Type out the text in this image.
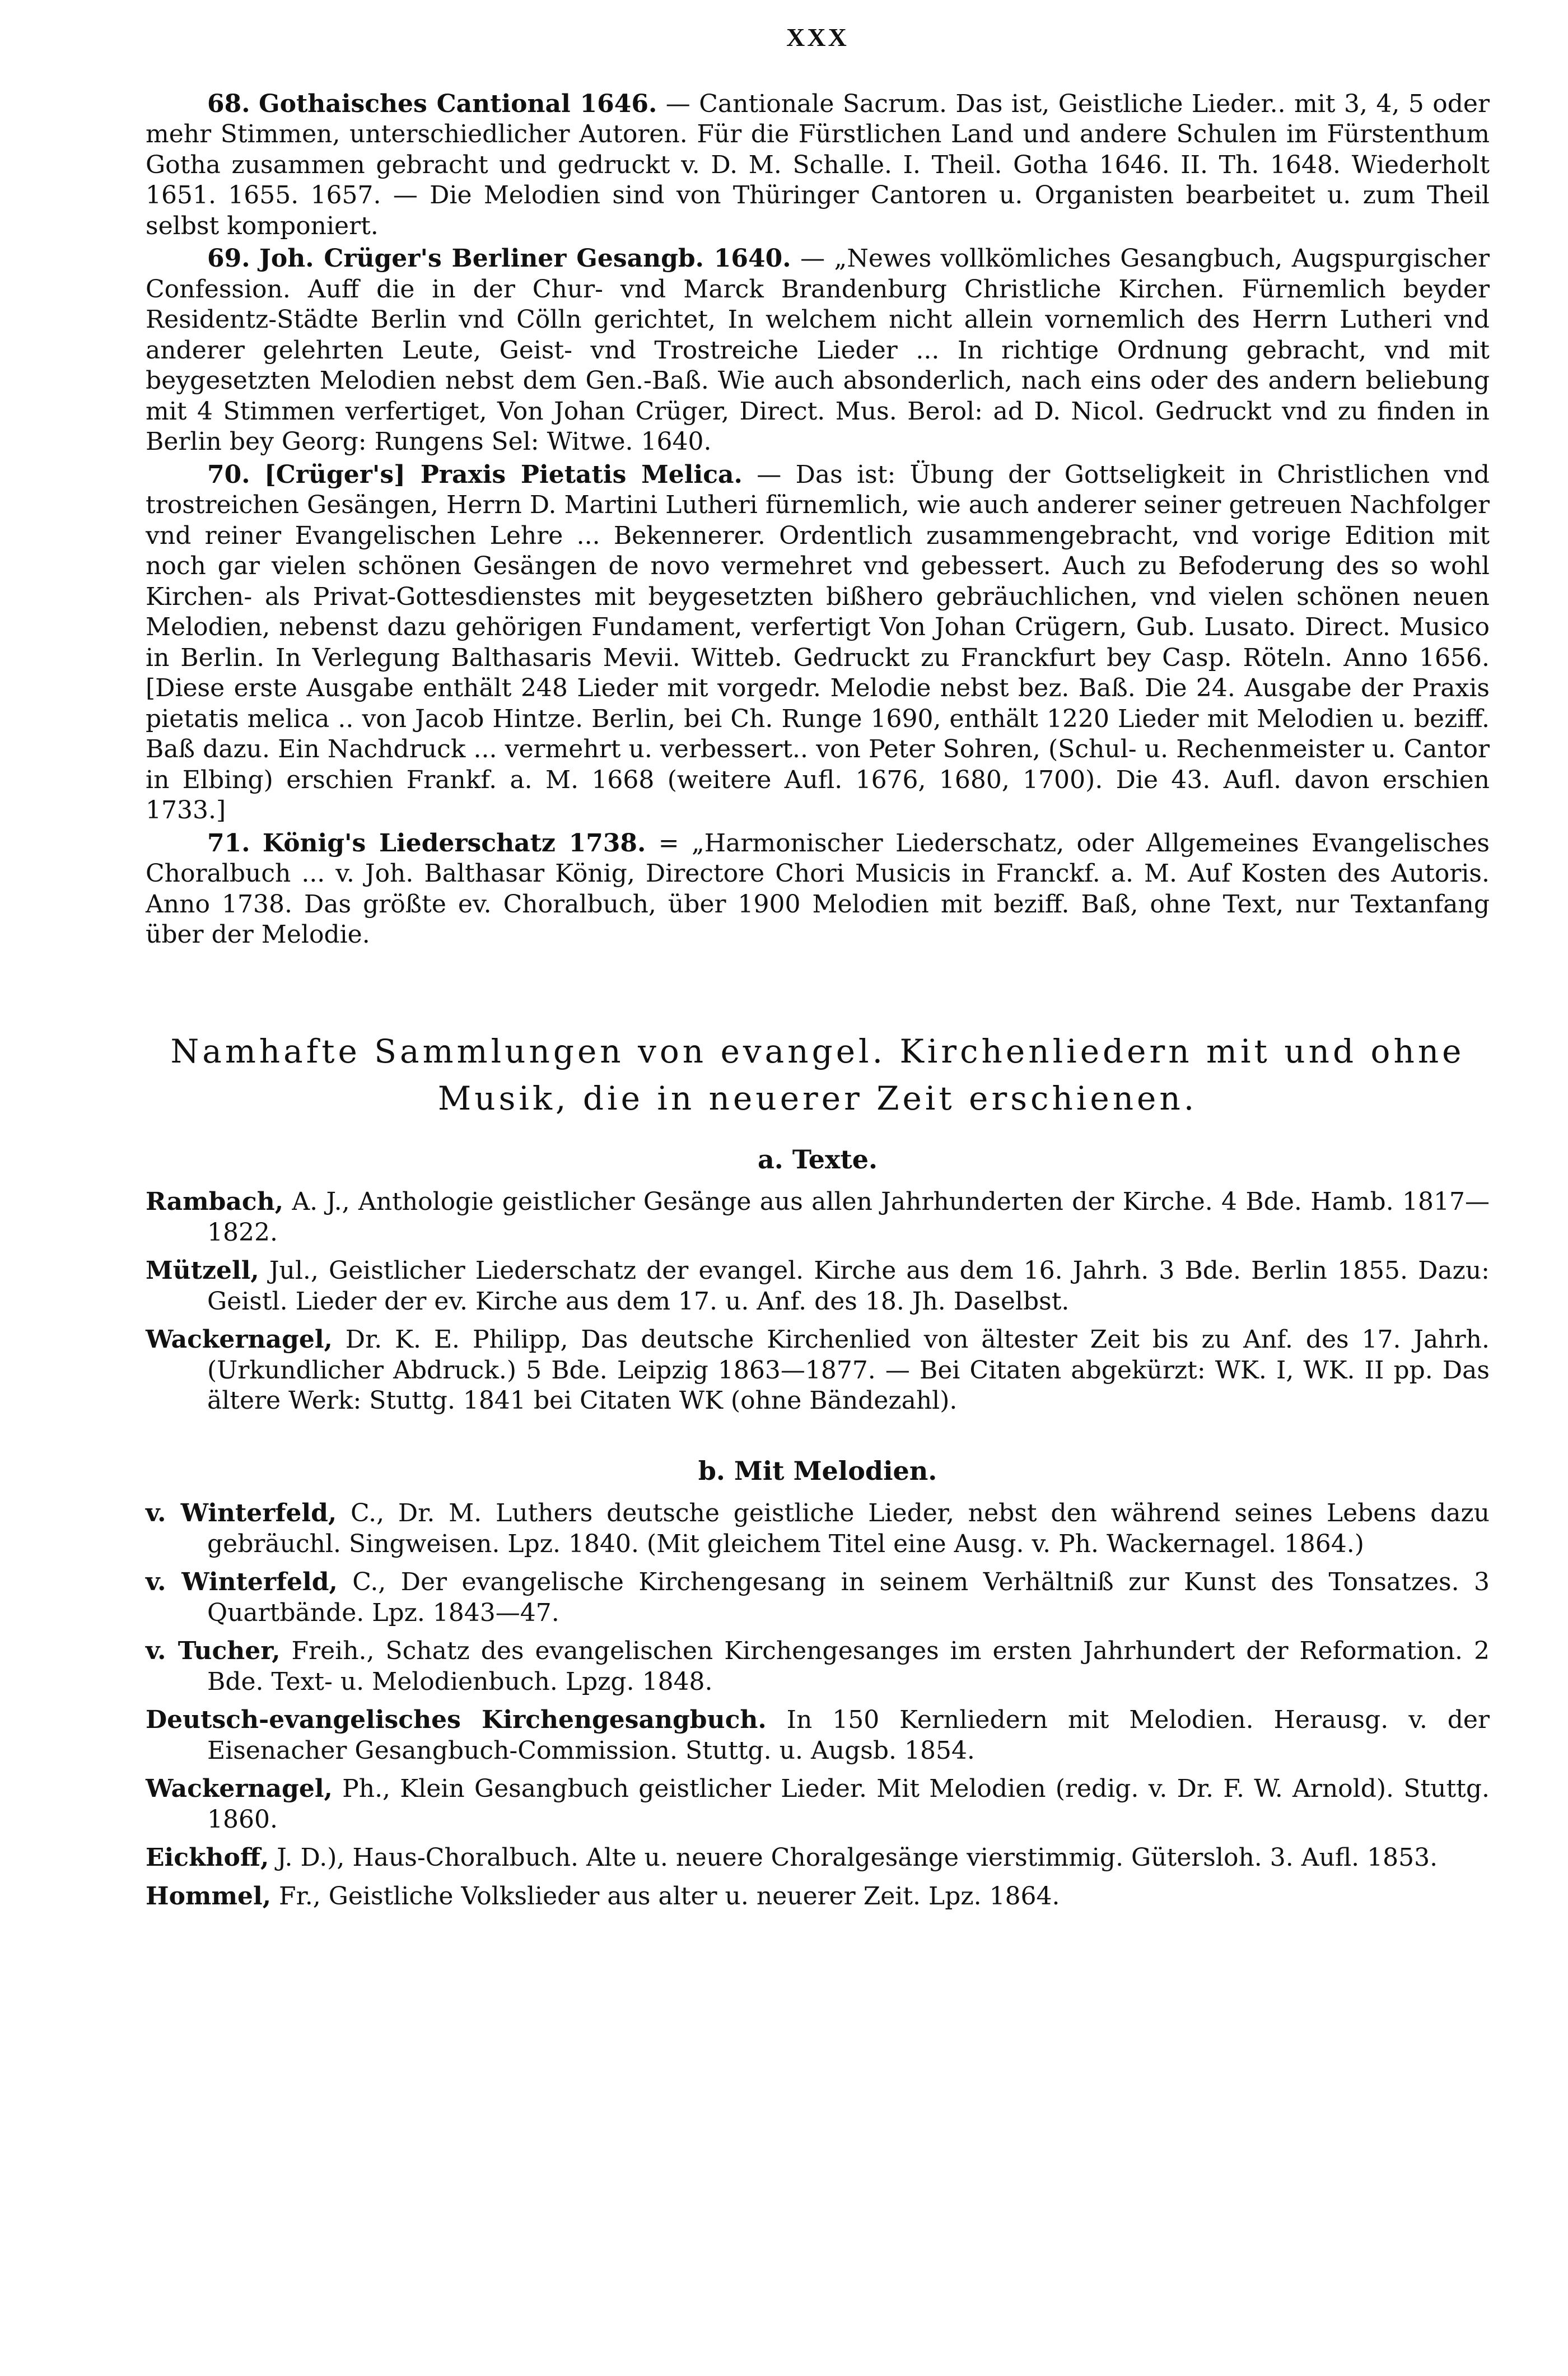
XXX

68. Gothaisches Cantional 1646. — Cantionale Sacrum. Das ist, Geistliche Lieder.. mit 3, 4, 5 oder mehr Stimmen, unterschiedlicher Autoren. Für die Fürstlichen Land und andere Schulen im Fürstenthum Gotha zusammen gebracht und gedruckt v. D. M. Schalle. I. Theil. Gotha 1646. II. Th. 1648. Wiederholt 1651. 1655. 1657. — Die Melodien sind von Thüringer Cantoren u. Organisten bearbeitet u. zum Theil selbst komponiert.

69. Joh. Crüger's Berliner Gesangb. 1640. — „Newes vollkömliches Gesangbuch, Augspurgischer Confession. Auff die in der Chur- vnd Marck Brandenburg Christliche Kirchen. Fürnemlich beyder Residentz-Städte Berlin vnd Cölln gerichtet, In welchem nicht allein vornemlich des Herrn Lutheri vnd anderer gelehrten Leute, Geist- vnd Trostreiche Lieder ... In richtige Ordnung gebracht, vnd mit beygesetzten Melodien nebst dem Gen.-Baß. Wie auch absonderlich, nach eins oder des andern beliebung mit 4 Stimmen verfertiget, Von Johan Crüger, Direct. Mus. Berol: ad D. Nicol. Gedruckt vnd zu finden in Berlin bey Georg: Rungens Sel: Witwe. 1640.

70. [Crüger's] Praxis Pietatis Melica. — Das ist: Übung der Gottseligkeit in Christlichen vnd trostreichen Gesängen, Herrn D. Martini Lutheri fürnemlich, wie auch anderer seiner getreuen Nachfolger vnd reiner Evangelischen Lehre ... Bekennerer. Ordentlich zusammengebracht, vnd vorige Edition mit noch gar vielen schönen Gesängen de novo vermehret vnd gebessert. Auch zu Befoderung des so wohl Kirchen- als Privat-Gottesdienstes mit beygesetzten bißhero gebräuchlichen, vnd vielen schönen neuen Melodien, nebenst dazu gehörigen Fundament, verfertigt Von Johan Crügern, Gub. Lusato. Direct. Musico in Berlin. In Verlegung Balthasaris Mevii. Witteb. Gedruckt zu Franckfurt bey Casp. Röteln. Anno 1656. [Diese erste Ausgabe enthält 248 Lieder mit vorgedr. Melodie nebst bez. Baß. Die 24. Ausgabe der Praxis pietatis melica .. von Jacob Hintze. Berlin, bei Ch. Runge 1690, enthält 1220 Lieder mit Melodien u. beziff. Baß dazu. Ein Nachdruck ... vermehrt u. verbessert.. von Peter Sohren, (Schul- u. Rechenmeister u. Cantor in Elbing) erschien Frankf. a. M. 1668 (weitere Aufl. 1676, 1680, 1700). Die 43. Aufl. davon erschien 1733.]

71. König's Liederschatz 1738. = „Harmonischer Liederschatz, oder Allgemeines Evangelisches Choralbuch ... v. Joh. Balthasar König, Directore Chori Musicis in Franckf. a. M. Auf Kosten des Autoris. Anno 1738. Das größte ev. Choralbuch, über 1900 Melodien mit beziff. Baß, ohne Text, nur Textanfang über der Melodie.

Namhafte Sammlungen von evangel. Kirchenliedern mit und ohne
Musik, die in neuerer Zeit erschienen.
a. Texte.

Rambach, A. J., Anthologie geistlicher Gesänge aus allen Jahrhunderten der Kirche. 4 Bde. Hamb. 1817—1822.

Mützell, Jul., Geistlicher Liederschatz der evangel. Kirche aus dem 16. Jahrh. 3 Bde. Berlin 1855. Dazu: Geistl. Lieder der ev. Kirche aus dem 17. u. Anf. des 18. Jh. Daselbst.

Wackernagel, Dr. K. E. Philipp, Das deutsche Kirchenlied von ältester Zeit bis zu Anf. des 17. Jahrh. (Urkundlicher Abdruck.) 5 Bde. Leipzig 1863—1877. — Bei Citaten abgekürzt: WK. I, WK. II pp. Das ältere Werk: Stuttg. 1841 bei Citaten WK (ohne Bändezahl).

b. Mit Melodien.

v. Winterfeld, C., Dr. M. Luthers deutsche geistliche Lieder, nebst den während seines Lebens dazu gebräuchl. Singweisen. Lpz. 1840. (Mit gleichem Titel eine Ausg. v. Ph. Wackernagel. 1864.)

v. Winterfeld, C., Der evangelische Kirchengesang in seinem Verhältniß zur Kunst des Tonsatzes. 3 Quartbände. Lpz. 1843—47.

v. Tucher, Freih., Schatz des evangelischen Kirchengesanges im ersten Jahrhundert der Reformation. 2 Bde. Text- u. Melodienbuch. Lpzg. 1848.

Deutsch-evangelisches Kirchengesangbuch. In 150 Kernliedern mit Melodien. Herausg. v. der Eisenacher Gesangbuch-Commission. Stuttg. u. Augsb. 1854.

Wackernagel, Ph., Klein Gesangbuch geistlicher Lieder. Mit Melodien (redig. v. Dr. F. W. Arnold). Stuttg. 1860.

Eickhoff, J. D.), Haus-Choralbuch. Alte u. neuere Choralgesänge vierstimmig. Gütersloh. 3. Aufl. 1853.

Hommel, Fr., Geistliche Volkslieder aus alter u. neuerer Zeit. Lpz. 1864.
